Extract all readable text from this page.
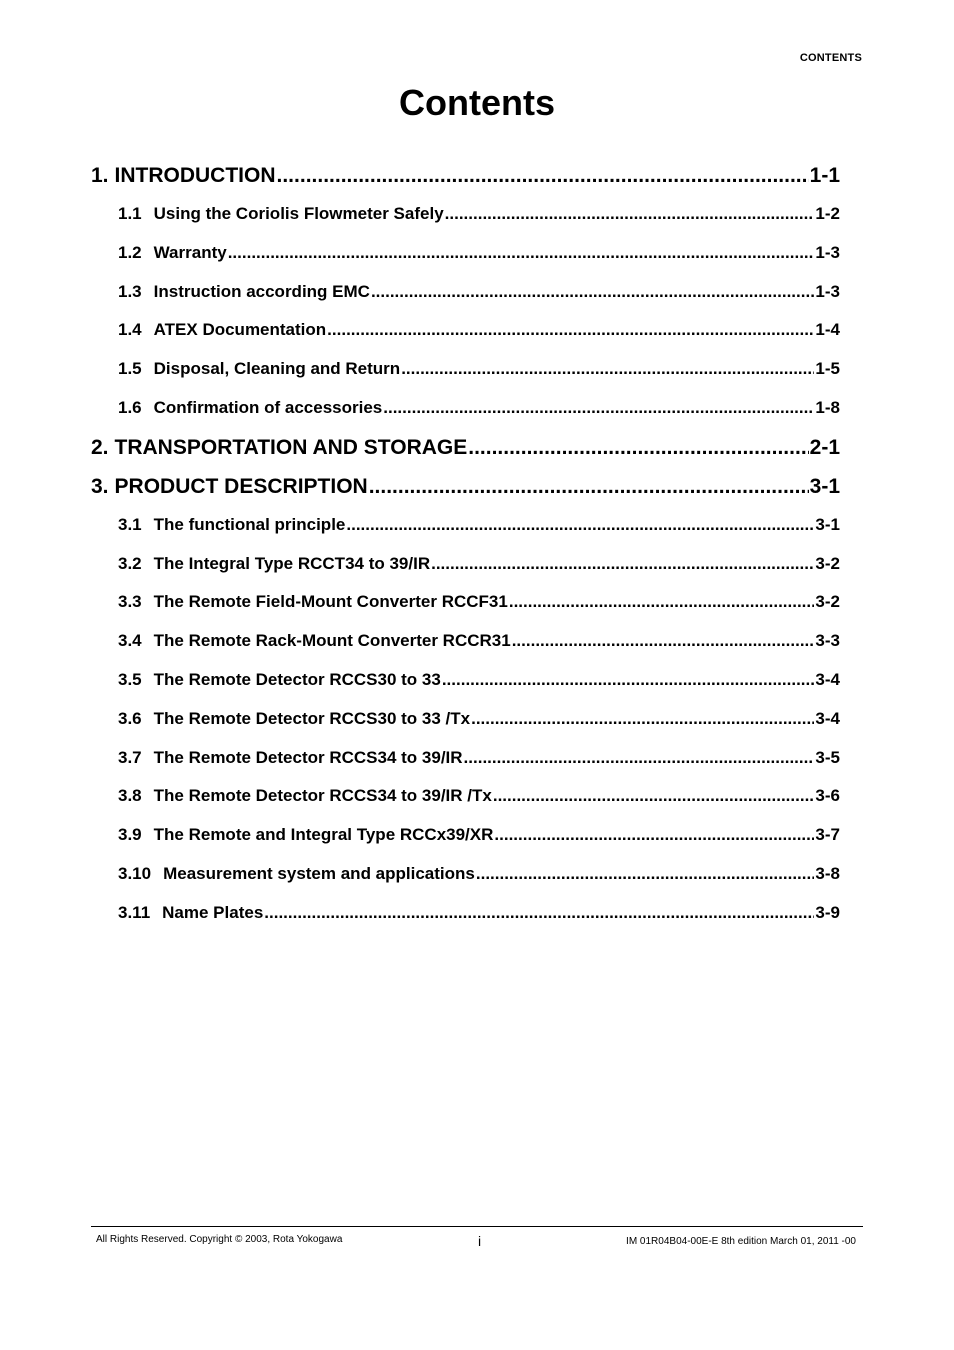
CONTENTS
Contents
1. INTRODUCTION .....	1-1
1.1 Using the Coriolis Flowmeter Safely .....	1-2
1.2 Warranty .....	1-3
1.3 Instruction according EMC .....	1-3
1.4 ATEX Documentation .....	1-4
1.5 Disposal, Cleaning and Return .....	1-5
1.6 Confirmation of accessories .....	1-8
2. TRANSPORTATION AND STORAGE .....	2-1
3. PRODUCT DESCRIPTION .....	3-1
3.1 The functional principle .....	3-1
3.2 The Integral Type RCCT34 to 39/IR .....	3-2
3.3 The Remote Field-Mount Converter RCCF31 .....	3-2
3.4 The Remote Rack-Mount Converter RCCR31 .....	3-3
3.5 The Remote Detector RCCS30 to 33 .....	3-4
3.6 The Remote Detector RCCS30 to 33 /Tx .....	3-4
3.7 The Remote Detector RCCS34 to 39/IR .....	3-5
3.8 The Remote Detector RCCS34 to 39/IR /Tx .....	3-6
3.9 The Remote and Integral Type RCCx39/XR .....	3-7
3.10 Measurement system and applications .....	3-8
3.11 Name Plates .....	3-9
All Rights Reserved. Copyright © 2003, Rota Yokogawa	i	IM 01R04B04-00E-E 8th edition March 01, 2011 -00
